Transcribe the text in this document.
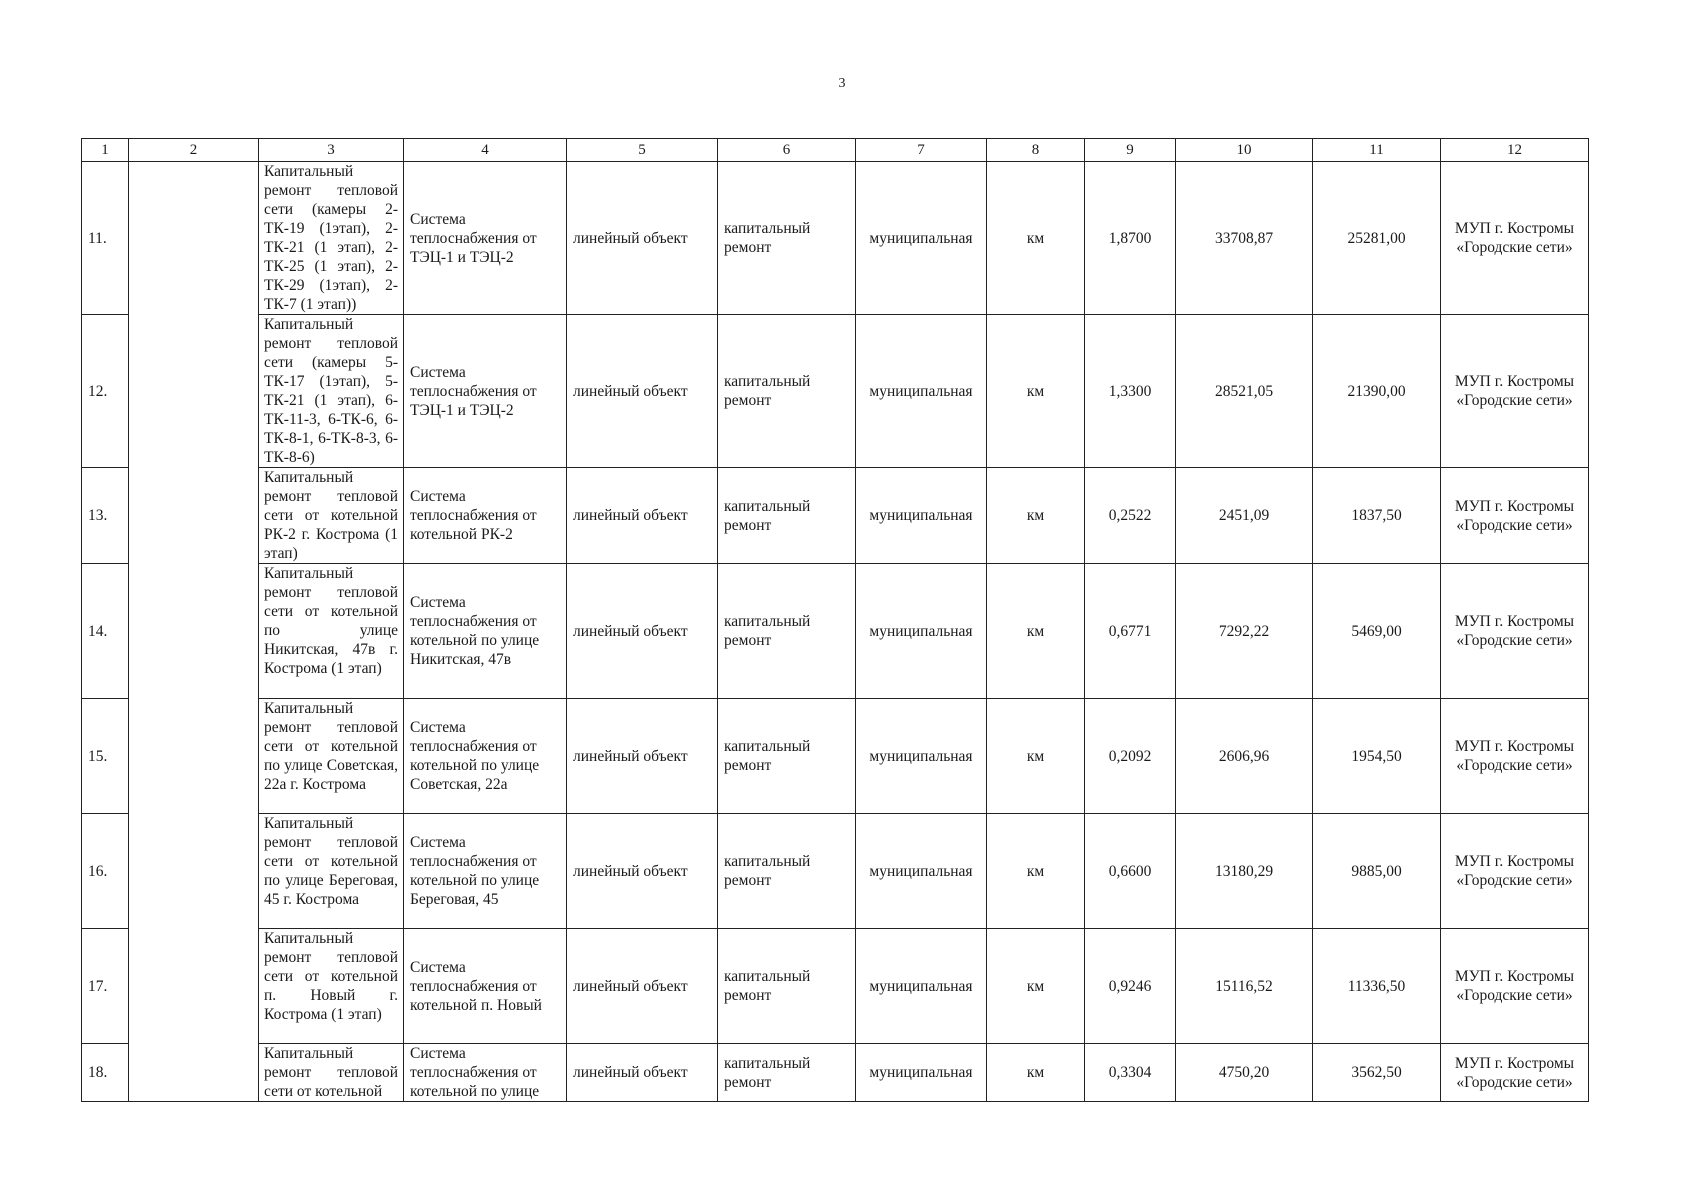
3
1	2	3	4	5	6	7	8	9	10	11	12
11.		Капитальный ремонт тепловой сети (камеры 2-ТК-19 (1этап), 2-ТК-21 (1 этап), 2-ТК-25 (1 этап), 2-ТК-29 (1этап), 2-ТК-7 (1 этап))	Система теплоснабжения от ТЭЦ-1 и ТЭЦ-2	линейный объект	капитальный ремонт	муниципальная	км	1,8700	33708,87	25281,00	МУП г. Костромы «Городские сети»
12.		Капитальный ремонт тепловой сети (камеры 5-ТК-17 (1этап), 5-ТК-21 (1 этап), 6-ТК-11-3, 6-ТК-6, 6-ТК-8-1, 6-ТК-8-3, 6-ТК-8-6)	Система теплоснабжения от ТЭЦ-1 и ТЭЦ-2	линейный объект	капитальный ремонт	муниципальная	км	1,3300	28521,05	21390,00	МУП г. Костромы «Городские сети»
13.		Капитальный ремонт тепловой сети от котельной РК-2 г. Кострома (1 этап)	Система теплоснабжения от котельной РК-2	линейный объект	капитальный ремонт	муниципальная	км	0,2522	2451,09	1837,50	МУП г. Костромы «Городские сети»
14.		Капитальный ремонт тепловой сети от котельной по улице Никитская, 47в г. Кострома (1 этап)	Система теплоснабжения от котельной по улице Никитская, 47в	линейный объект	капитальный ремонт	муниципальная	км	0,6771	7292,22	5469,00	МУП г. Костромы «Городские сети»
15.		Капитальный ремонт тепловой сети от котельной по улице Советская, 22а г. Кострома	Система теплоснабжения от котельной по улице Советская, 22а	линейный объект	капитальный ремонт	муниципальная	км	0,2092	2606,96	1954,50	МУП г. Костромы «Городские сети»
16.		Капитальный ремонт тепловой сети от котельной по улице Береговая, 45 г. Кострома	Система теплоснабжения от котельной по улице Береговая, 45	линейный объект	капитальный ремонт	муниципальная	км	0,6600	13180,29	9885,00	МУП г. Костромы «Городские сети»
17.		Капитальный ремонт тепловой сети от котельной п. Новый г. Кострома (1 этап)	Система теплоснабжения от котельной п. Новый	линейный объект	капитальный ремонт	муниципальная	км	0,9246	15116,52	11336,50	МУП г. Костромы «Городские сети»
18.		Капитальный ремонт тепловой сети от котельной	Система теплоснабжения от котельной по улице	линейный объект	капитальный ремонт	муниципальная	км	0,3304	4750,20	3562,50	МУП г. Костромы «Городские сети»
